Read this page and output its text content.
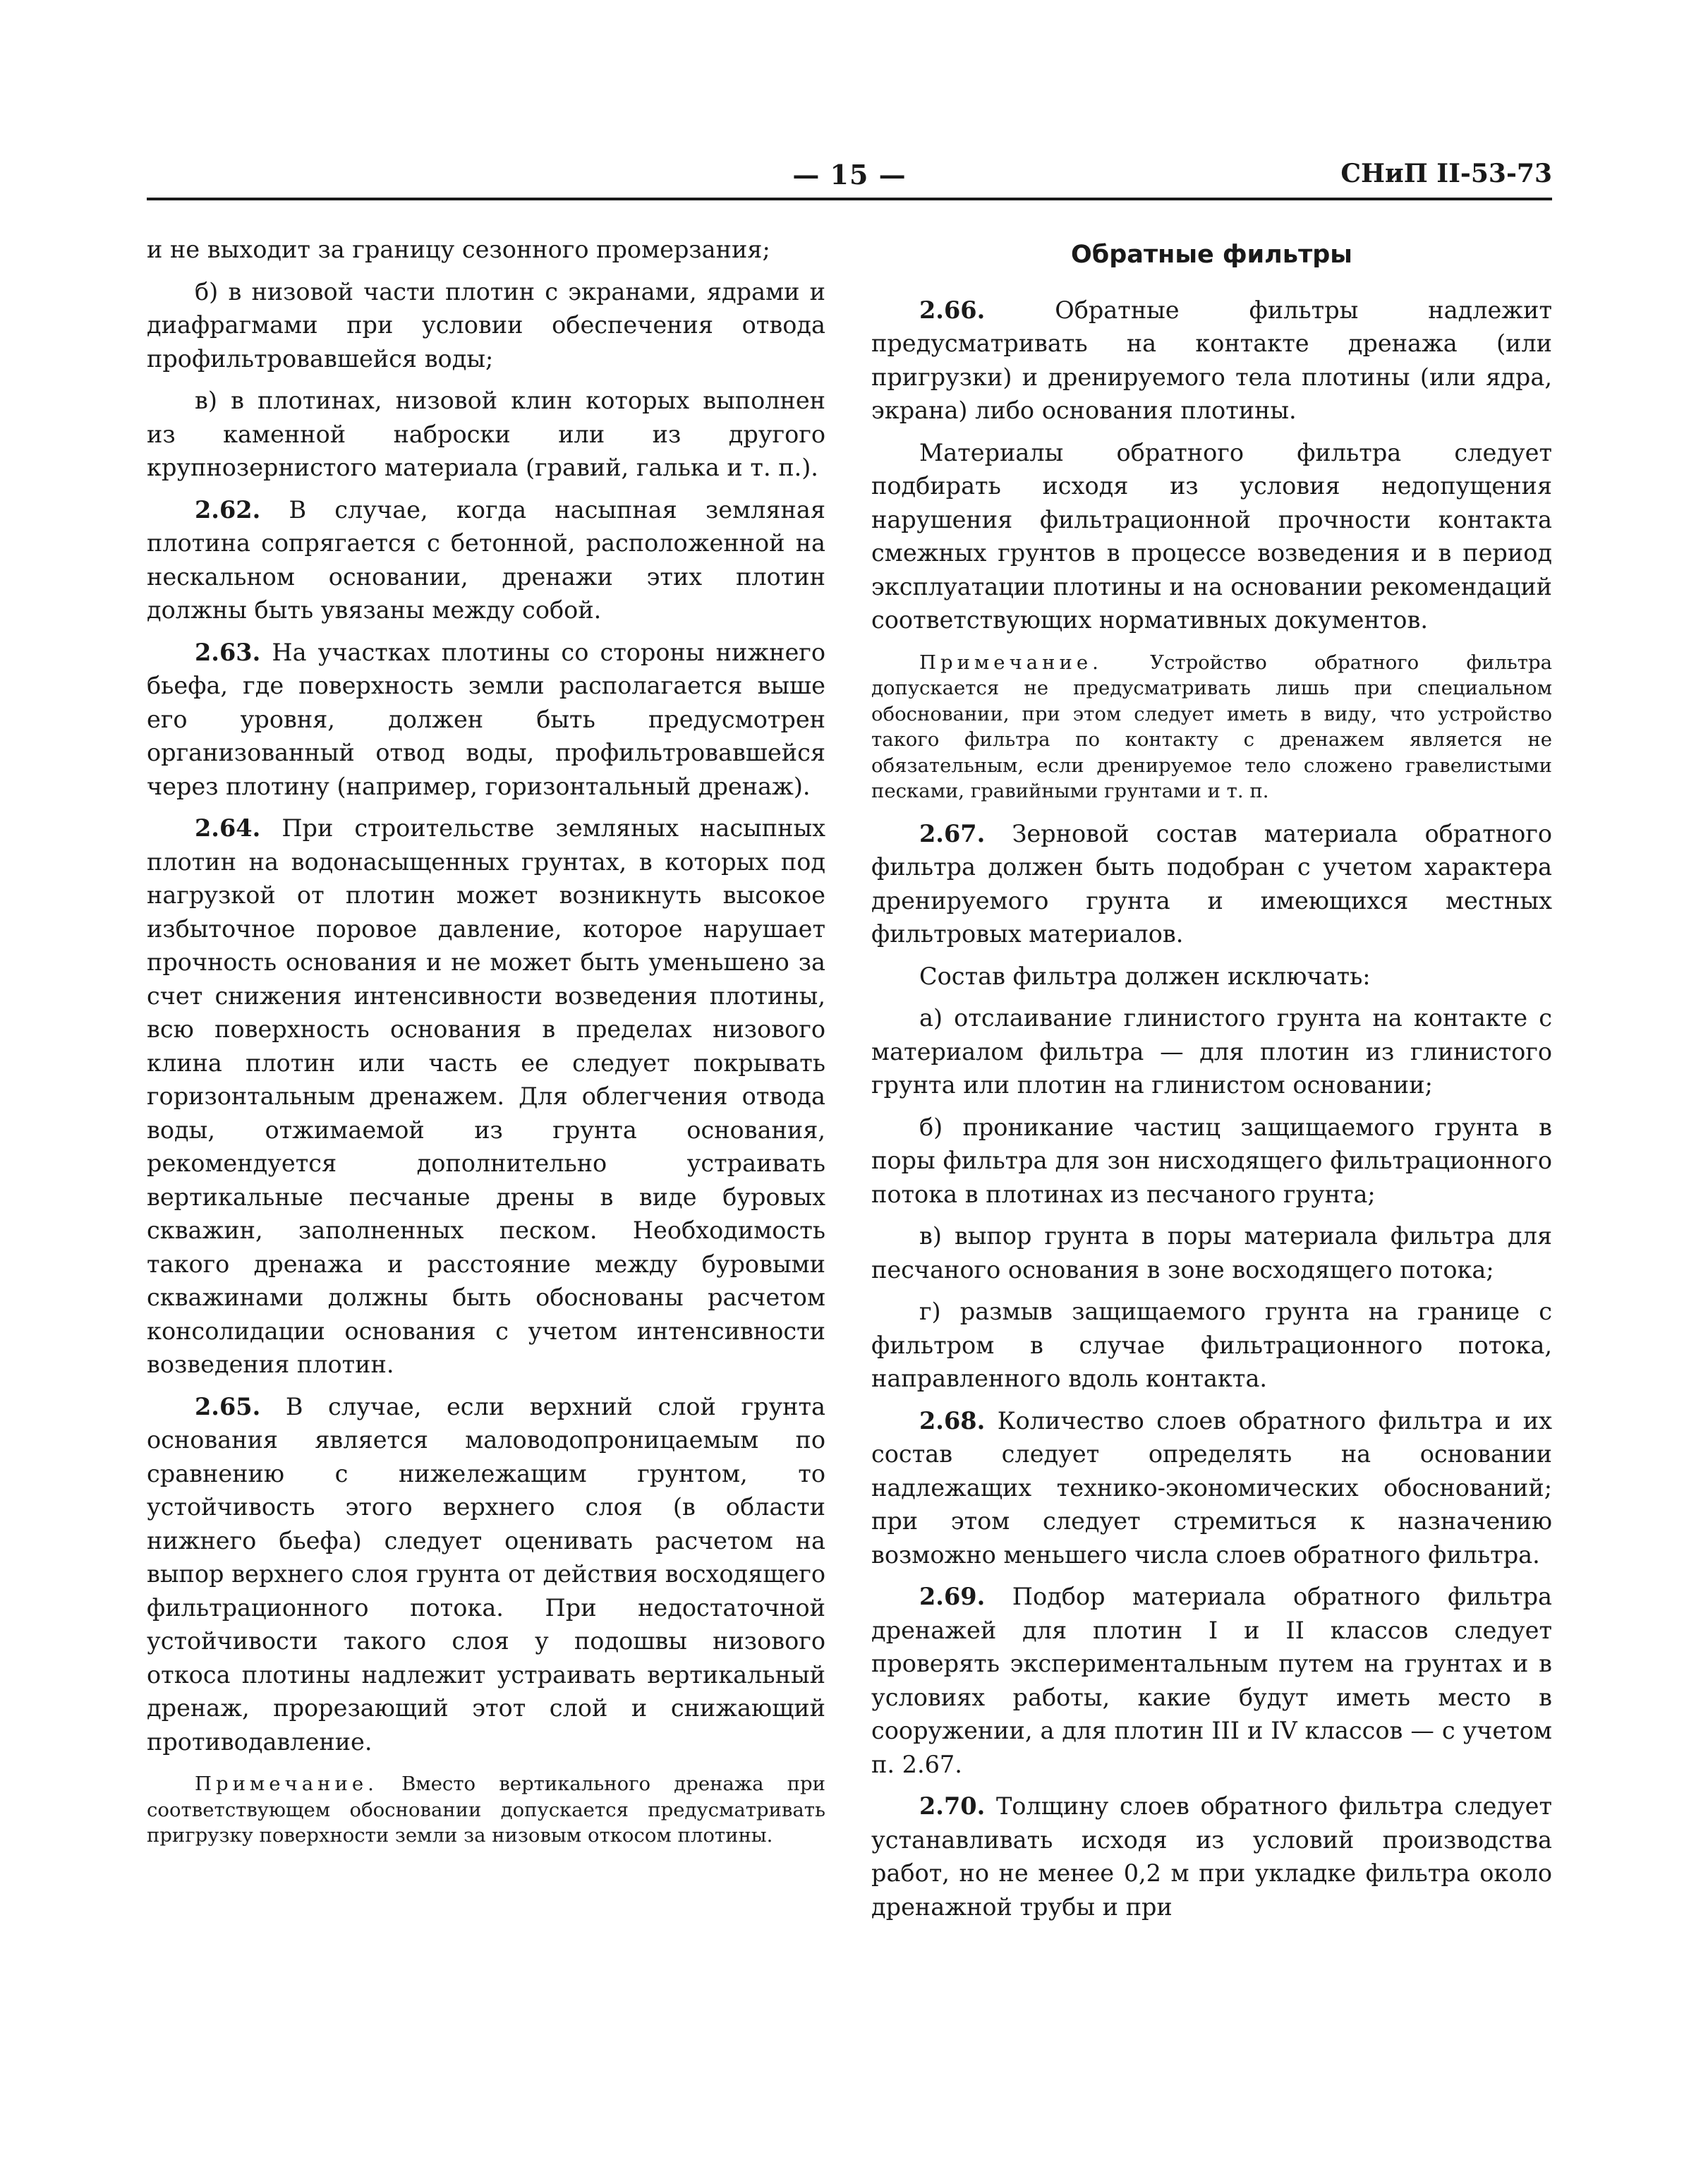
— 15 —	СНиП II-53-73

и не выходит за границу сезонного промерзания;

б) в низовой части плотин с экранами, ядрами и диафрагмами при условии обеспечения отвода профильтровавшейся воды;

в) в плотинах, низовой клин которых выполнен из каменной наброски или из другого крупнозернистого материала (гравий, галька и т. п.).

2.62. В случае, когда насыпная земляная плотина сопрягается с бетонной, расположенной на нескальном основании, дренажи этих плотин должны быть увязаны между собой.

2.63. На участках плотины со стороны нижнего бьефа, где поверхность земли располагается выше его уровня, должен быть предусмотрен организованный отвод воды, профильтровавшейся через плотину (например, горизонтальный дренаж).

2.64. При строительстве земляных насыпных плотин на водонасыщенных грунтах, в которых под нагрузкой от плотин может возникнуть высокое избыточное поровое давление, которое нарушает прочность основания и не может быть уменьшено за счет снижения интенсивности возведения плотины, всю поверхность основания в пределах низового клина плотин или часть ее следует покрывать горизонтальным дренажем. Для облегчения отвода воды, отжимаемой из грунта основания, рекомендуется дополнительно устраивать вертикальные песчаные дрены в виде буровых скважин, заполненных песком. Необходимость такого дренажа и расстояние между буровыми скважинами должны быть обоснованы расчетом консолидации основания с учетом интенсивности возведения плотин.

2.65. В случае, если верхний слой грунта основания является маловодопроницаемым по сравнению с нижележащим грунтом, то устойчивость этого верхнего слоя (в области нижнего бьефа) следует оценивать расчетом на выпор верхнего слоя грунта от действия восходящего фильтрационного потока. При недостаточной устойчивости такого слоя у подошвы низового откоса плотины надлежит устраивать вертикальный дренаж, прорезающий этот слой и снижающий противодавление.

Примечание. Вместо вертикального дренажа при соответствующем обосновании допускается предусматривать пригрузку поверхности земли за низовым откосом плотины.
Обратные фильтры

2.66.	Обратные фильтры надлежит предусматривать на контакте дренажа (или пригрузки) и дренируемого тела плотины (или ядра, экрана) либо основания плотины.

Материалы обратного фильтра следует подбирать исходя из условия недопущения нарушения фильтрационной прочности контакта смежных грунтов в процессе возведения и в период эксплуатации плотины и на основании рекомендаций соответствующих нормативных документов.

Примечание. Устройство обратного фильтра допускается не предусматривать лишь при специальном обосновании, при этом следует иметь в виду, что устройство такого фильтра по контакту с дренажем является не обязательным, если дренируемое тело сложено гравелистыми песками, гравийными грунтами и т. п.

2.67. Зерновой состав материала обратного фильтра должен быть подобран с учетом характера дренируемого грунта и имеющихся местных фильтровых материалов.

Состав фильтра должен исключать:

а) отслаивание глинистого грунта на контакте с материалом фильтра — для плотин из глинистого грунта или плотин на глинистом основании;

б) проникание частиц защищаемого грунта в поры фильтра для зон нисходящего фильтрационного потока в плотинах из песчаного грунта;

в) выпор грунта в поры материала фильтра для песчаного основания в зоне восходящего потока;

г) размыв защищаемого грунта на границе с фильтром в случае фильтрационного потока, направленного вдоль контакта.

2.68. Количество слоев обратного фильтра и их состав следует определять на основании надлежащих технико-экономических обоснований; при этом следует стремиться к назначению возможно меньшего числа слоев обратного фильтра.

2.69. Подбор материала обратного фильтра дренажей для плотин I и II классов следует проверять экспериментальным путем на грунтах и в условиях работы, какие будут иметь место в сооружении, а для плотин III и IV классов — с учетом п. 2.67.

2.70. Толщину слоев обратного фильтра следует устанавливать исходя из условий производства работ, но не менее 0,2 м при укладке фильтра около дренажной трубы и при
